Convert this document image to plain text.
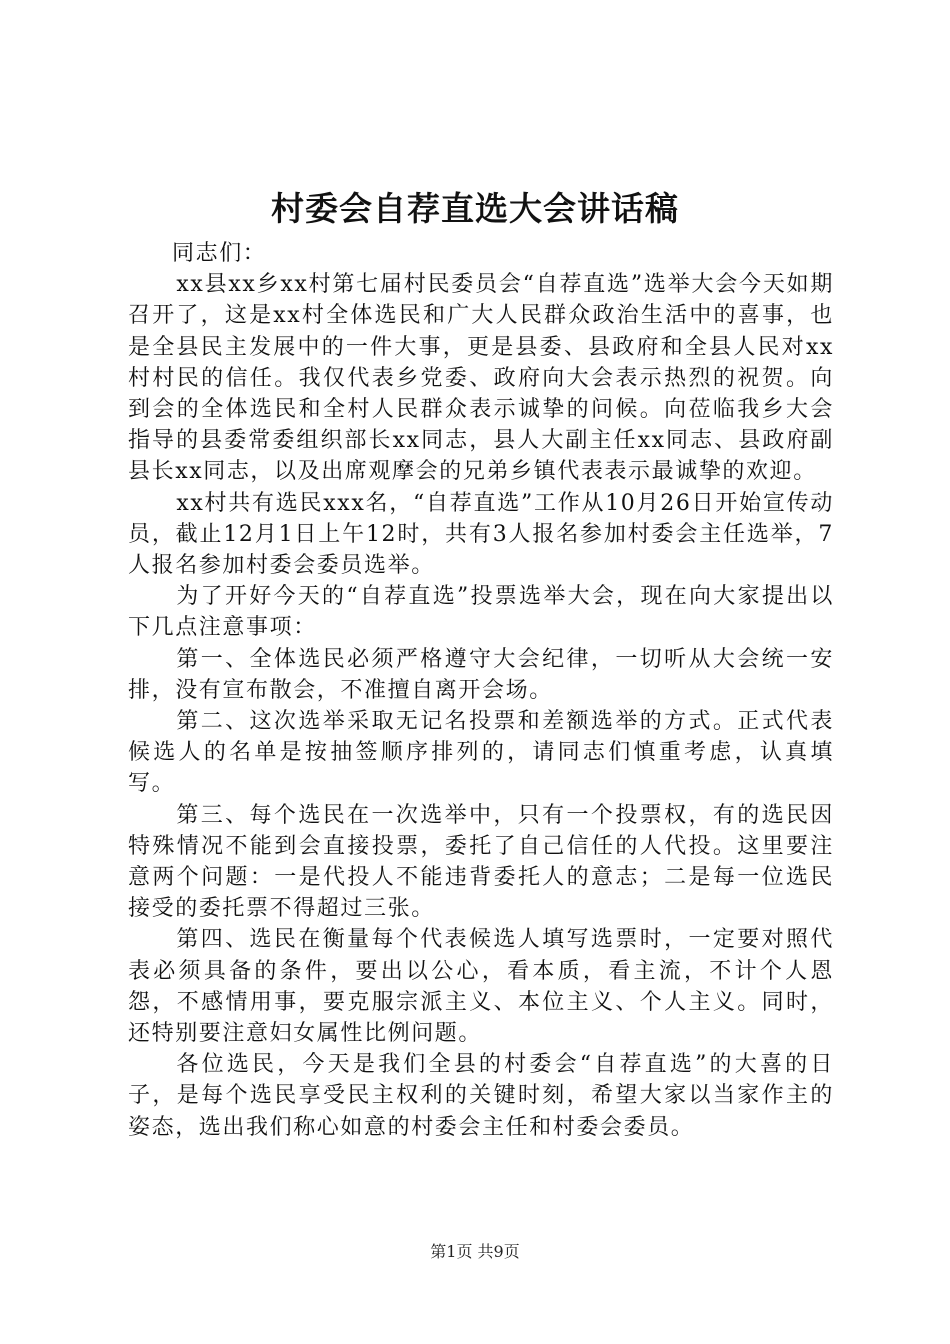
村委会自荐直选大会讲话稿

同志们：

xx县xx乡xx村第七届村民委员会“自荐直选”选举大会今天如期召开了，这是xx村全体选民和广大人民群众政治生活中的喜事，也是全县民主发展中的一件大事，更是县委、县政府和全县人民对xx村村民的信任。我仅代表乡党委、政府向大会表示热烈的祝贺。向到会的全体选民和全村人民群众表示诚挚的问候。向莅临我乡大会指导的县委常委组织部长xx同志，县人大副主任xx同志、县政府副县长xx同志，以及出席观摩会的兄弟乡镇代表表示最诚挚的欢迎。

xx村共有选民xxx名，“自荐直选”工作从10月26日开始宣传动员，截止12月1日上午12时，共有3人报名参加村委会主任选举，7人报名参加村委会委员选举。

为了开好今天的“自荐直选”投票选举大会，现在向大家提出以下几点注意事项：

第一、全体选民必须严格遵守大会纪律，一切听从大会统一安排，没有宣布散会，不准擅自离开会场。

第二、这次选举采取无记名投票和差额选举的方式。正式代表候选人的名单是按抽签顺序排列的，请同志们慎重考虑，认真填写。

第三、每个选民在一次选举中，只有一个投票权，有的选民因特殊情况不能到会直接投票，委托了自己信任的人代投。这里要注意两个问题：一是代投人不能违背委托人的意志；二是每一位选民接受的委托票不得超过三张。

第四、选民在衡量每个代表候选人填写选票时，一定要对照代表必须具备的条件，要出以公心，看本质，看主流，不计个人恩怨，不感情用事，要克服宗派主义、本位主义、个人主义。同时，还特别要注意妇女属性比例问题。

各位选民，今天是我们全县的村委会“自荐直选”的大喜的日子，是每个选民享受民主权利的关键时刻，希望大家以当家作主的姿态，选出我们称心如意的村委会主任和村委会委员。

第1页 共9页
